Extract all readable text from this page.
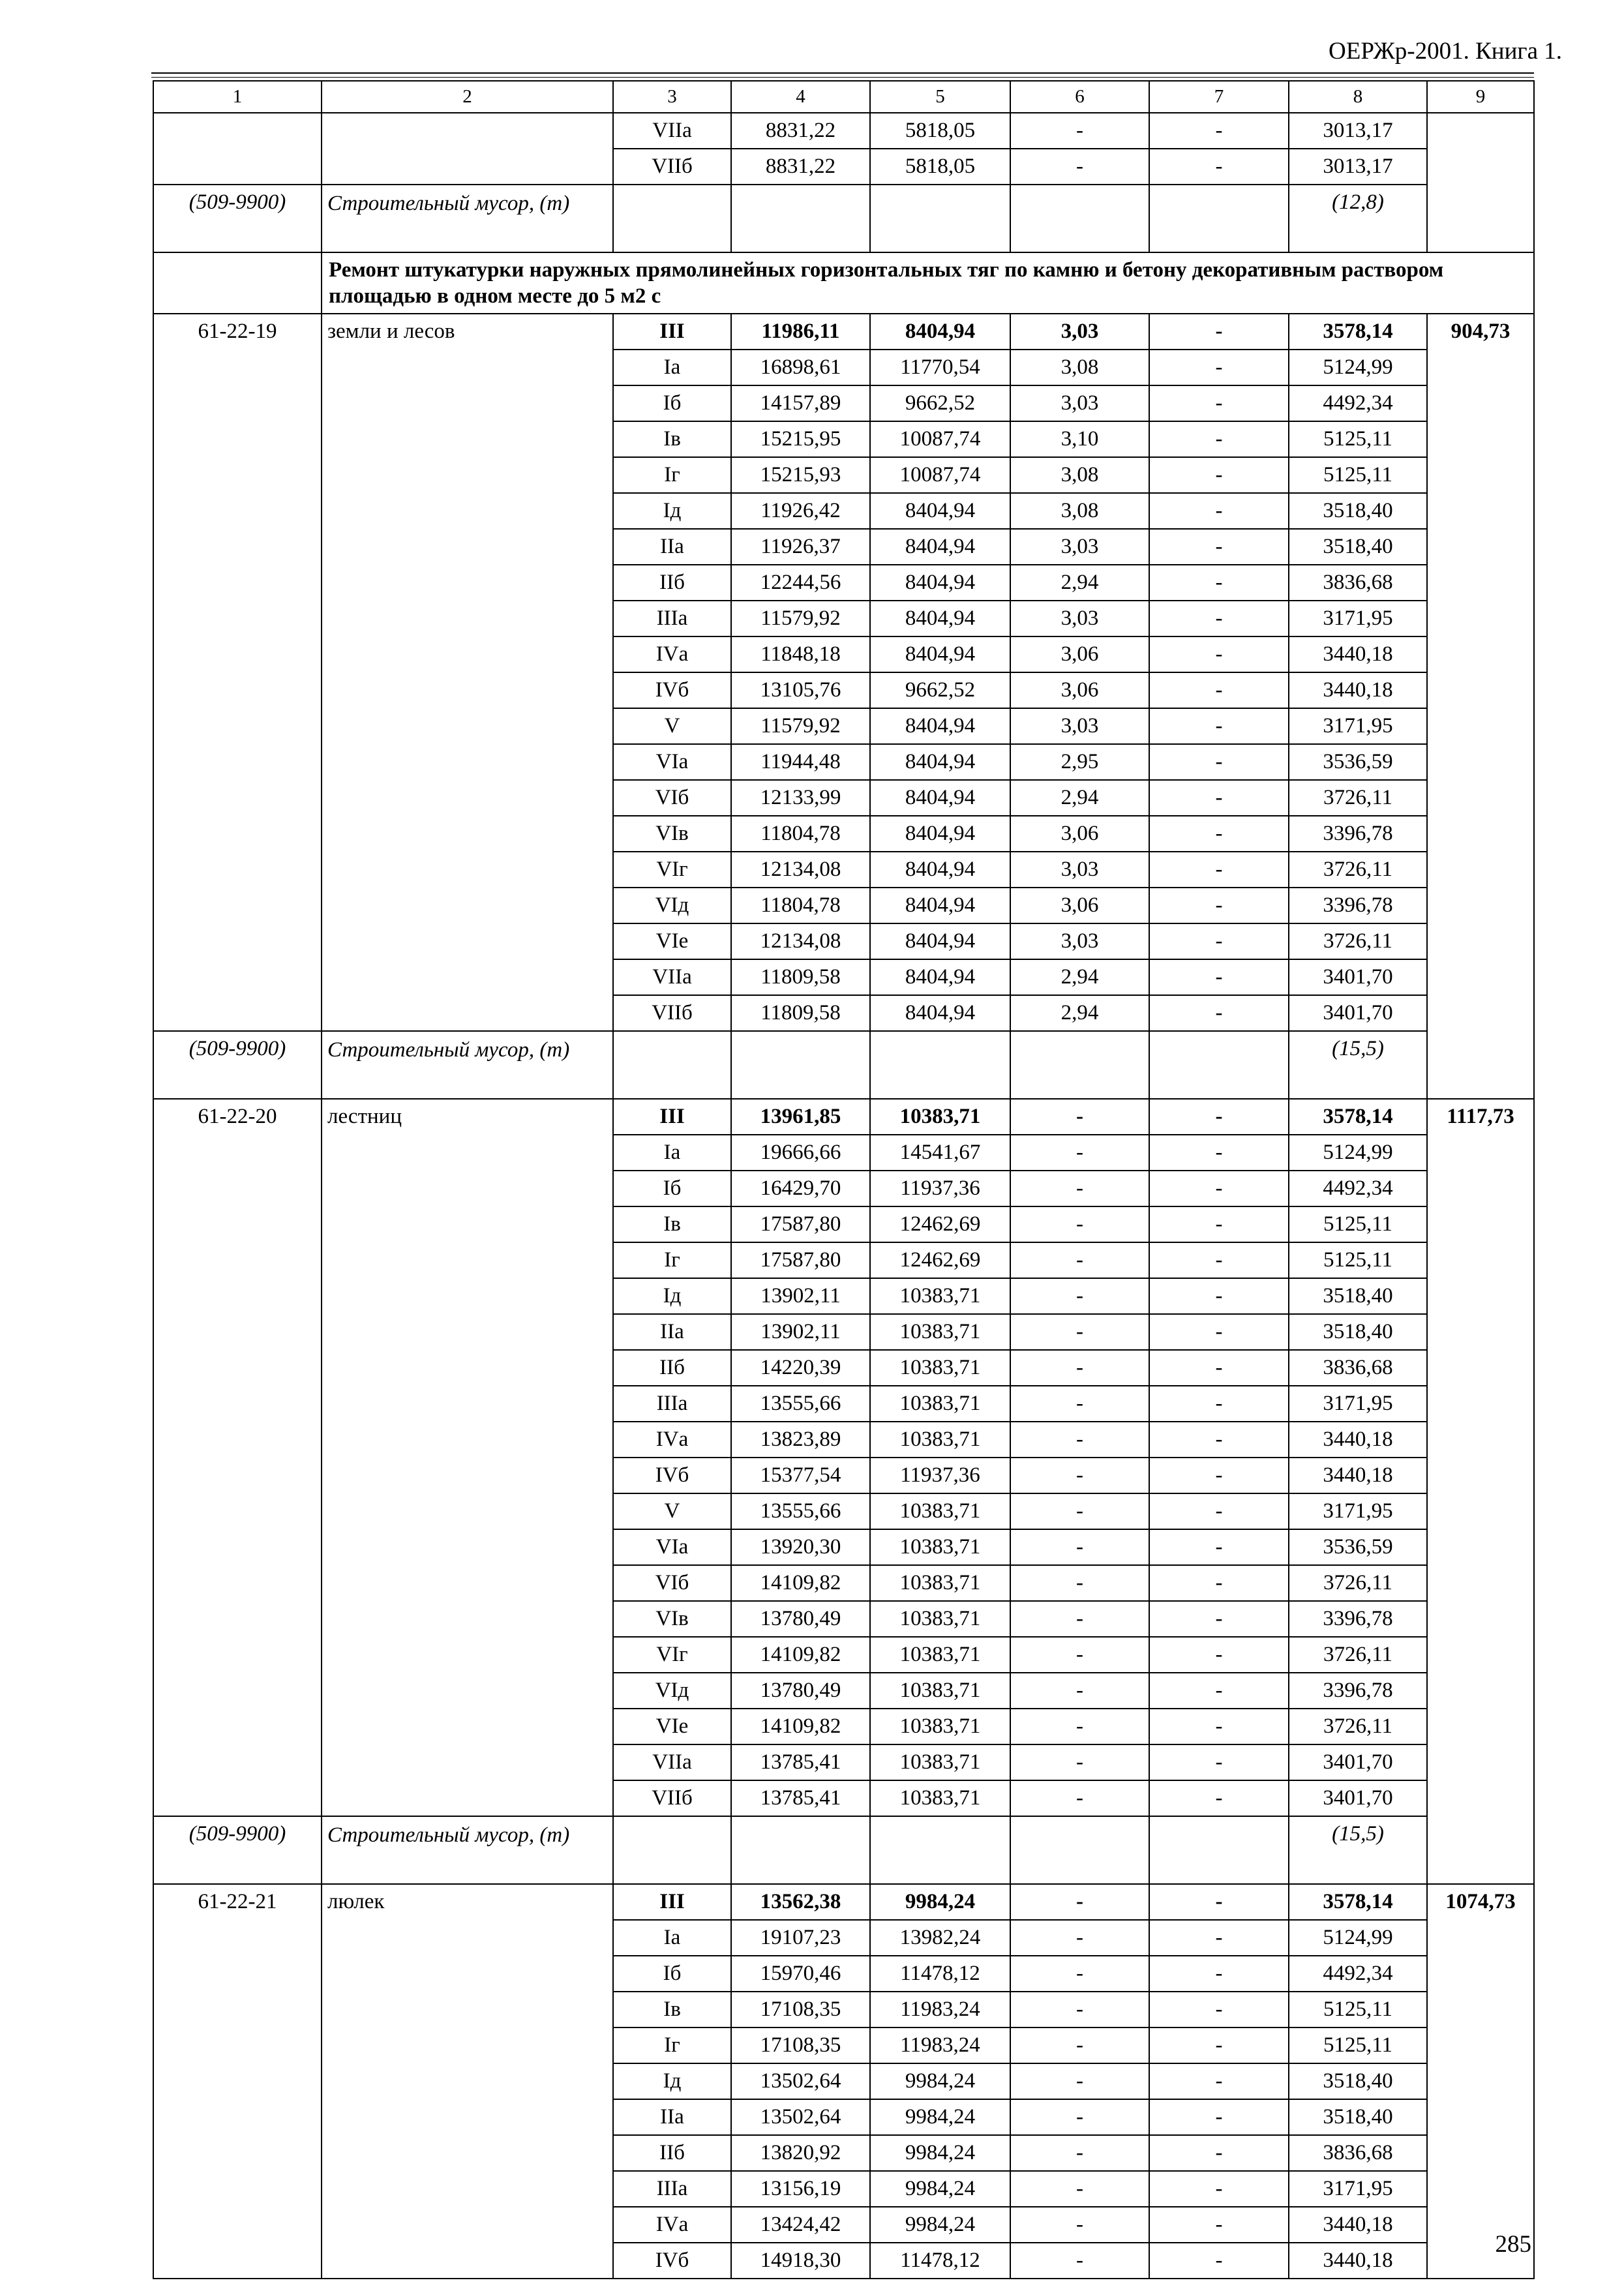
ОЕРЖр-2001. Книга 1.
1	2	3	4	5	6	7	8	9
		VIIа	8831,22	5818,05	-	-	3013,17	
		VIIб	8831,22	5818,05	-	-	3013,17	
(509-9900)	Строительный мусор, (т)						(12,8)	
	Ремонт штукатурки наружных прямолинейных горизонтальных тяг по камню и бетону декоративным раствором площадью в одном месте до 5 м2 с							
61-22-19	земли и лесов	III	11986,11	8404,94	3,03	-	3578,14	904,73
		Iа	16898,61	11770,54	3,08	-	5124,99	
		Iб	14157,89	9662,52	3,03	-	4492,34	
		Iв	15215,95	10087,74	3,10	-	5125,11	
		Iг	15215,93	10087,74	3,08	-	5125,11	
		Iд	11926,42	8404,94	3,08	-	3518,40	
		IIа	11926,37	8404,94	3,03	-	3518,40	
		IIб	12244,56	8404,94	2,94	-	3836,68	
		IIIа	11579,92	8404,94	3,03	-	3171,95	
		IVа	11848,18	8404,94	3,06	-	3440,18	
		IVб	13105,76	9662,52	3,06	-	3440,18	
		V	11579,92	8404,94	3,03	-	3171,95	
		VIа	11944,48	8404,94	2,95	-	3536,59	
		VIб	12133,99	8404,94	2,94	-	3726,11	
		VIв	11804,78	8404,94	3,06	-	3396,78	
		VIг	12134,08	8404,94	3,03	-	3726,11	
		VIд	11804,78	8404,94	3,06	-	3396,78	
		VIе	12134,08	8404,94	3,03	-	3726,11	
		VIIа	11809,58	8404,94	2,94	-	3401,70	
		VIIб	11809,58	8404,94	2,94	-	3401,70	
(509-9900)	Строительный мусор, (т)						(15,5)	
61-22-20	лестниц	III	13961,85	10383,71	-	-	3578,14	1117,73
		Iа	19666,66	14541,67	-	-	5124,99	
		Iб	16429,70	11937,36	-	-	4492,34	
		Iв	17587,80	12462,69	-	-	5125,11	
		Iг	17587,80	12462,69	-	-	5125,11	
		Iд	13902,11	10383,71	-	-	3518,40	
		IIа	13902,11	10383,71	-	-	3518,40	
		IIб	14220,39	10383,71	-	-	3836,68	
		IIIа	13555,66	10383,71	-	-	3171,95	
		IVа	13823,89	10383,71	-	-	3440,18	
		IVб	15377,54	11937,36	-	-	3440,18	
		V	13555,66	10383,71	-	-	3171,95	
		VIа	13920,30	10383,71	-	-	3536,59	
		VIб	14109,82	10383,71	-	-	3726,11	
		VIв	13780,49	10383,71	-	-	3396,78	
		VIг	14109,82	10383,71	-	-	3726,11	
		VIд	13780,49	10383,71	-	-	3396,78	
		VIе	14109,82	10383,71	-	-	3726,11	
		VIIа	13785,41	10383,71	-	-	3401,70	
		VIIб	13785,41	10383,71	-	-	3401,70	
(509-9900)	Строительный мусор, (т)						(15,5)	
61-22-21	люлек	III	13562,38	9984,24	-	-	3578,14	1074,73
		Iа	19107,23	13982,24	-	-	5124,99	
		Iб	15970,46	11478,12	-	-	4492,34	
		Iв	17108,35	11983,24	-	-	5125,11	
		Iг	17108,35	11983,24	-	-	5125,11	
		Iд	13502,64	9984,24	-	-	3518,40	
		IIа	13502,64	9984,24	-	-	3518,40	
		IIб	13820,92	9984,24	-	-	3836,68	
		IIIа	13156,19	9984,24	-	-	3171,95	
		IVа	13424,42	9984,24	-	-	3440,18	
		IVб	14918,30	11478,12	-	-	3440,18	
285
